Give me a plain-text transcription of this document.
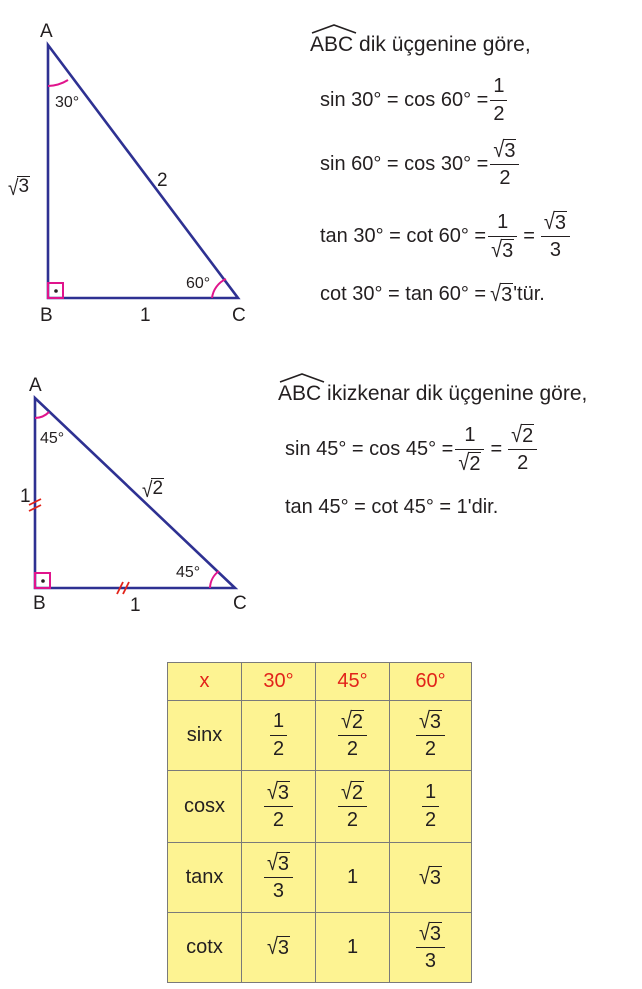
A
B	C
30°
60°
2
1
√ 3
ABC dik üçgenine göre,
$\sin 30^\circ = \cos 60^\circ = \frac{1}{2}$
$\sin 60^\circ = \cos 30^\circ = \frac{√ 3}{2}$
$\tan 30^\circ = \cot 60^\circ = \frac{1}{√ 3} = \frac{√ 3}{3}$
cot 30° = tan 60° = √ 3 'tür.
A
B	C
45°
45°
1
1
√ 2
ABC ikizkenar dik üçgenine göre,
$\sin 45^\circ = \cos 45^\circ = \frac{1}{√ 2} = \frac{√ 2}{2}$
tan 45° = cot 45° = 1'dir.
x	30°	45°	60°
sinx	$\frac{1}{2}$	$\frac{√ 2}{2}$	$\frac{√ 3}{2}$

cosx	$\frac{√ 3}{2}$	$\frac{√ 2}{2}$	$\frac{1}{2}$

tanx	$\frac{√ 3}{3}$	1	√ 3

cotx	√ 3	1	$\frac{√ 3}{3}$
